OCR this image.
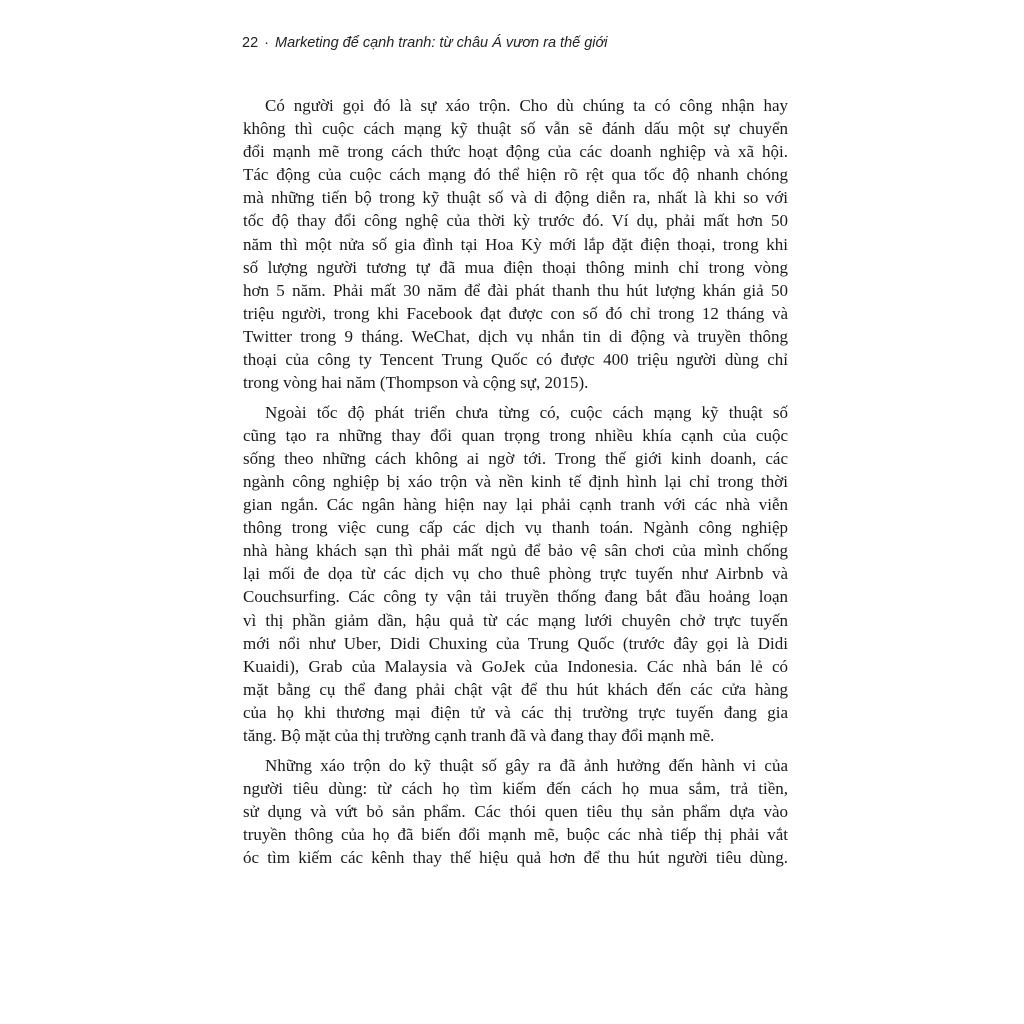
22 · Marketing để cạnh tranh: từ châu Á vươn ra thế giới

Có người gọi đó là sự xáo trộn. Cho dù chúng ta có công nhận hay
không thì cuộc cách mạng kỹ thuật số vẫn sẽ đánh dấu một sự chuyển
đổi mạnh mẽ trong cách thức hoạt động của các doanh nghiệp và xã hội.
Tác động của cuộc cách mạng đó thể hiện rõ rệt qua tốc độ nhanh chóng
mà những tiến bộ trong kỹ thuật số và di động diễn ra, nhất là khi so với
tốc độ thay đổi công nghệ của thời kỳ trước đó. Ví dụ, phải mất hơn 50
năm thì một nửa số gia đình tại Hoa Kỳ mới lắp đặt điện thoại, trong khi
số lượng người tương tự đã mua điện thoại thông minh chỉ trong vòng
hơn 5 năm. Phải mất 30 năm để đài phát thanh thu hút lượng khán giả 50
triệu người, trong khi Facebook đạt được con số đó chỉ trong 12 tháng và
Twitter trong 9 tháng. WeChat, dịch vụ nhắn tin di động và truyền thông
thoại của công ty Tencent Trung Quốc có được 400 triệu người dùng chỉ
trong vòng hai năm (Thompson và cộng sự, 2015).

Ngoài tốc độ phát triển chưa từng có, cuộc cách mạng kỹ thuật số
cũng tạo ra những thay đổi quan trọng trong nhiều khía cạnh của cuộc
sống theo những cách không ai ngờ tới. Trong thế giới kinh doanh, các
ngành công nghiệp bị xáo trộn và nền kinh tế định hình lại chỉ trong thời
gian ngắn. Các ngân hàng hiện nay lại phải cạnh tranh với các nhà viễn
thông trong việc cung cấp các dịch vụ thanh toán. Ngành công nghiệp
nhà hàng khách sạn thì phải mất ngủ để bảo vệ sân chơi của mình chống
lại mối đe dọa từ các dịch vụ cho thuê phòng trực tuyến như Airbnb và
Couchsurfing. Các công ty vận tải truyền thống đang bắt đầu hoảng loạn
vì thị phần giảm dần, hậu quả từ các mạng lưới chuyên chở trực tuyến
mới nổi như Uber, Didi Chuxing của Trung Quốc (trước đây gọi là Didi
Kuaidi), Grab của Malaysia và GoJek của Indonesia. Các nhà bán lẻ có
mặt bằng cụ thể đang phải chật vật để thu hút khách đến các cửa hàng
của họ khi thương mại điện tử và các thị trường trực tuyến đang gia
tăng. Bộ mặt của thị trường cạnh tranh đã và đang thay đổi mạnh mẽ.

Những xáo trộn do kỹ thuật số gây ra đã ảnh hưởng đến hành vi của
người tiêu dùng: từ cách họ tìm kiếm đến cách họ mua sắm, trả tiền,
sử dụng và vứt bỏ sản phẩm. Các thói quen tiêu thụ sản phẩm dựa vào
truyền thông của họ đã biến đổi mạnh mẽ, buộc các nhà tiếp thị phải vắt
óc tìm kiếm các kênh thay thế hiệu quả hơn để thu hút người tiêu dùng.
